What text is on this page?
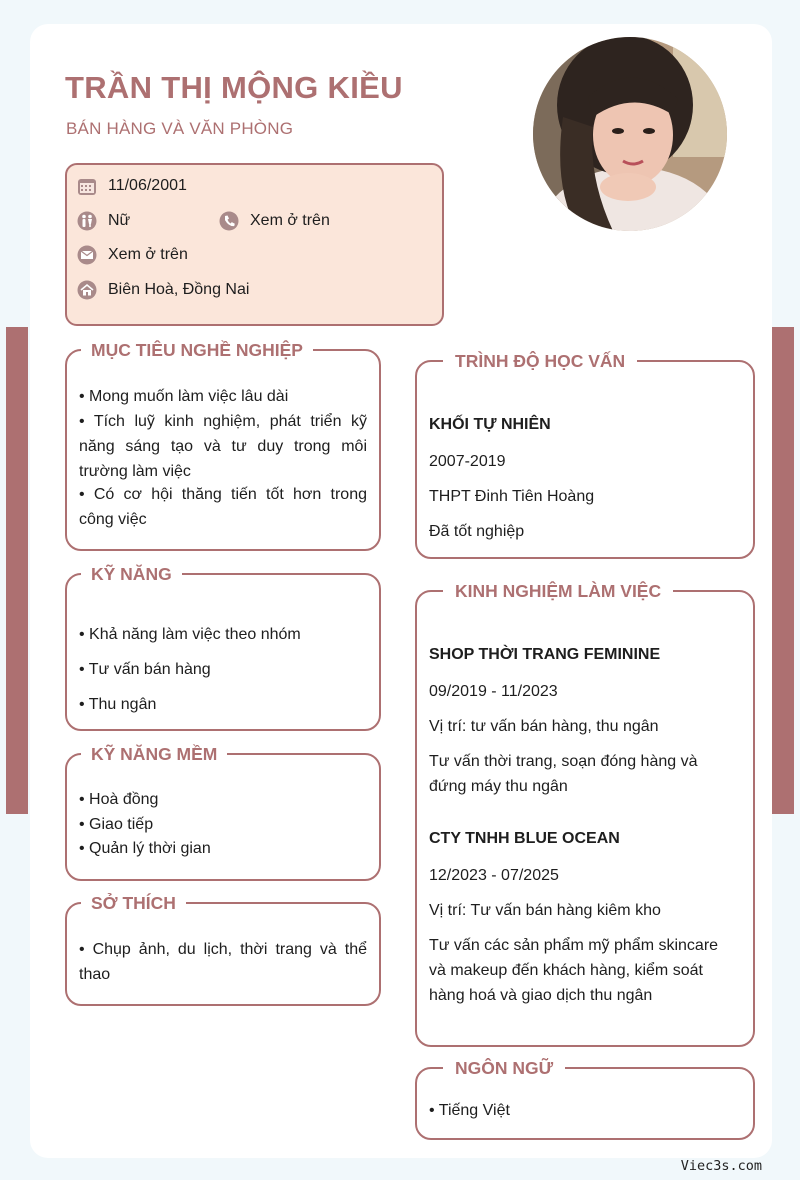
TRẦN THỊ MỘNG KIỀU
BÁN HÀNG VÀ VĂN PHÒNG
11/06/2001
Nữ	Xem ở trên
Xem ở trên
Biên Hoà, Đồng Nai
MỤC TIÊU NGHỀ NGHIỆP
• Mong muốn làm việc lâu dài
• Tích luỹ kinh nghiệm, phát triển kỹ năng sáng tạo và tư duy trong môi trường làm việc
• Có cơ hội thăng tiến tốt hơn trong công việc
KỸ NĂNG
• Khả năng làm việc theo nhóm
• Tư vấn bán hàng
• Thu ngân
KỸ NĂNG MỀM
• Hoà đồng
• Giao tiếp
• Quản lý thời gian
SỞ THÍCH
• Chụp ảnh, du lịch, thời trang và thể thao
TRÌNH ĐỘ HỌC VẤN
KHỐI TỰ NHIÊN
2007-2019
THPT Đinh Tiên Hoàng
Đã tốt nghiệp
KINH NGHIỆM LÀM VIỆC
SHOP THỜI TRANG FEMININE
09/2019 - 11/2023
Vị trí: tư vấn bán hàng, thu ngân
Tư vấn thời trang, soạn đóng hàng và đứng máy thu ngân
CTY TNHH BLUE OCEAN
12/2023 - 07/2025
Vị trí: Tư vấn bán hàng kiêm kho
Tư vấn các sản phẩm mỹ phẩm skincare và makeup đến khách hàng, kiểm soát hàng hoá và giao dịch thu ngân
NGÔN NGỮ
• Tiếng Việt
Viec3s.com
